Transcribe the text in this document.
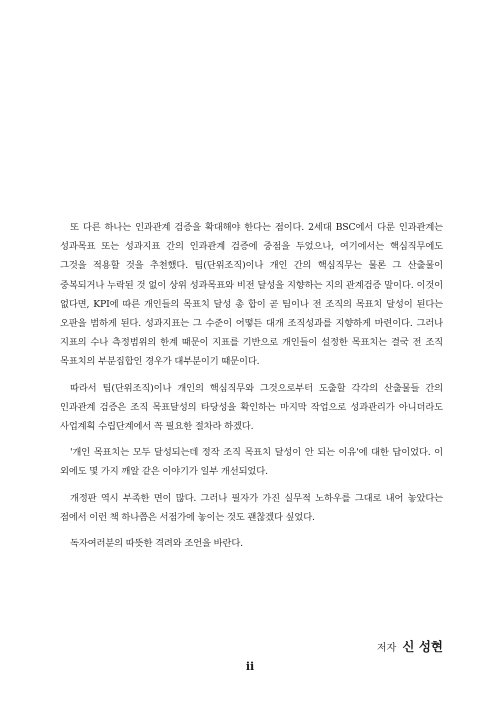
또 다른 하나는 인과관계 검증을 확대해야 한다는 점이다. 2세대 BSC에서 다룬 인과관계는 성과목표 또는 성과지표 간의 인과관계 검증에 중점을 두었으나, 여기에서는 핵심직무에도 그것을 적용할 것을 추천했다. 팀(단위조직)이나 개인 간의 핵심직무는 물론 그 산출물이 중복되거나 누락된 것 없이 상위 성과목표와 비전 달성을 지향하는 지의 관계검증 말이다. 이것이 없다면, KPI에 따른 개인들의 목표치 달성 총 합이 곧 팀이나 전 조직의 목표치 달성이 된다는 오판을 범하게 된다. 성과지표는 그 수준이 어떻든 대개 조직성과를 지향하게 마련이다. 그러나 지표의 수나 측정범위의 한계 때문이 지표를 기반으로 개인들이 설정한 목표치는 결국 전 조직 목표치의 부분집합인 경우가 대부분이기 때문이다.

따라서 팀(단위조직)이나 개인의 핵심직무와 그것으로부터 도출할 각각의 산출물들 간의 인과관계 검증은 조직 목표달성의 타당성을 확인하는 마지막 작업으로 성과관리가 아니더라도 사업계획 수립단계에서 꼭 필요한 절차라 하겠다.

'개인 목표치는 모두 달성되는데 정작 조직 목표치 달성이 안 되는 이유'에 대한 답이었다. 이 외에도 몇 가지 깨알 같은 이야기가 일부 개선되었다.

개정판 역시 부족한 면이 많다. 그러나 필자가 가진 실무적 노하우를 그대로 내어 놓았다는 점에서 이런 책 하나쯤은 서점가에 놓이는 것도 괜찮겠다 싶었다.

독자여러분의 따뜻한 격려와 조언을 바란다.

저자 신 성현
ii
